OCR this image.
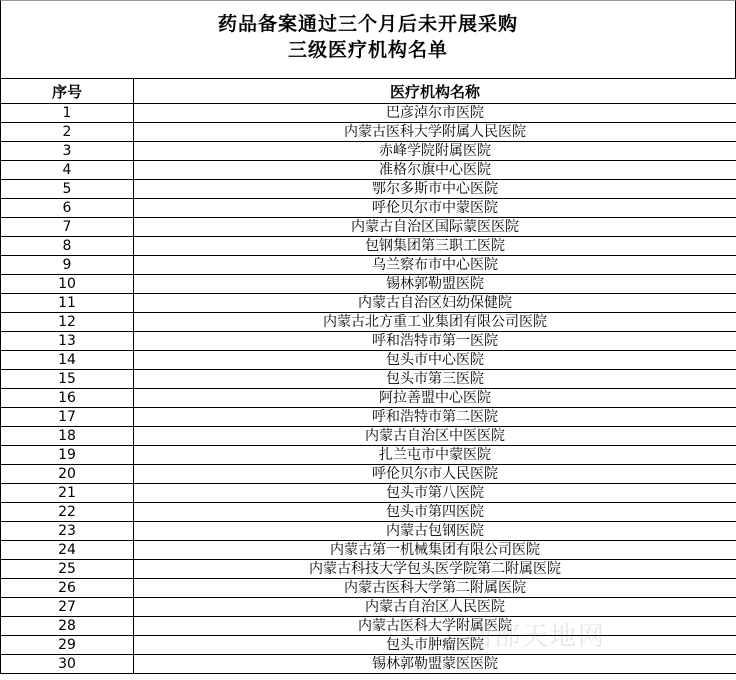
药品备案通过三个月后未开展采购
三级医疗机构名单
序号	医疗机构名称
1	巴彦淖尔市医院
2	内蒙古医科大学附属人民医院
3	赤峰学院附属医院
4	准格尔旗中心医院
5	鄂尔多斯市中心医院
6	呼伦贝尔市中蒙医院
7	内蒙古自治区国际蒙医医院
8	包钢集团第三职工医院
9	乌兰察布市中心医院
10	锡林郭勒盟医院
11	内蒙古自治区妇幼保健院
12	内蒙古北方重工业集团有限公司医院
13	呼和浩特市第一医院
14	包头市中心医院
15	包头市第三医院
16	阿拉善盟中心医院
17	呼和浩特市第二医院
18	内蒙古自治区中医医院
19	扎兰屯市中蒙医院
20	呼伦贝尔市人民医院
21	包头市第八医院
22	包头市第四医院
23	内蒙古包钢医院
24	内蒙古第一机械集团有限公司医院
25	内蒙古科技大学包头医学院第二附属医院
26	内蒙古医科大学第二附属医院
27	内蒙古自治区人民医院
28	内蒙古医科大学附属医院
29	包头市肿瘤医院
30	锡林郭勒盟蒙医医院
西部天地网
